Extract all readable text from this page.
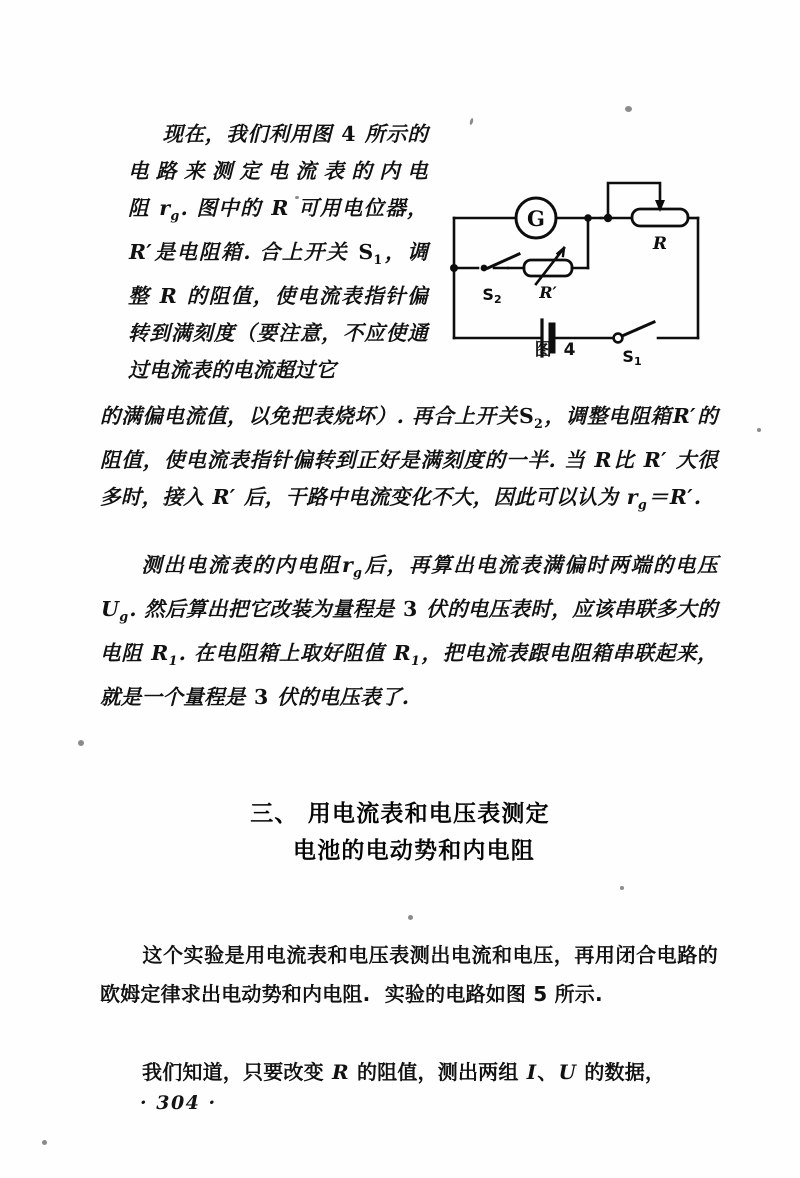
现在，我们利用图 4 所示的电路来测定电流表的内电阻 $r_g$. 图中的 R 可用电位器，R′是电阻箱. 合上开关 $S_1$，调整 R 的阻值，使电流表指针偏转到满刻度（要注意，不应使通过电流表的电流超过它
的满偏电流值，以免把表烧坏）. 再合上开关$S_2$，调整电阻箱R′的阻值，使电流表指针偏转到正好是满刻度的一半. 当 R比 R′ 大很多时，接入 R′ 后，干路中电流变化不大，因此可以认为 $r_g=R'$.
测出电流表的内电阻$r_g$后，再算出电流表满偏时两端的电压$U_g$. 然后算出把它改装为量程是 3 伏的电压表时，应该串联多大的电阻 $R_1$. 在电阻箱上取好阻值 $R_1$，把电流表跟电阻箱串联起来，就是一个量程是 3 伏的电压表了.
三、 用电流表和电压表测定
电池的电动势和内电阻
这个实验是用电流表和电压表测出电流和电压，再用闭合电路的欧姆定律求出电动势和内电阻.  实验的电路如图 5 所示.
我们知道，只要改变 R 的阻值，测出两组 I、U 的数据，
G
R
R′
S2
S1
图4
· 304 ·
